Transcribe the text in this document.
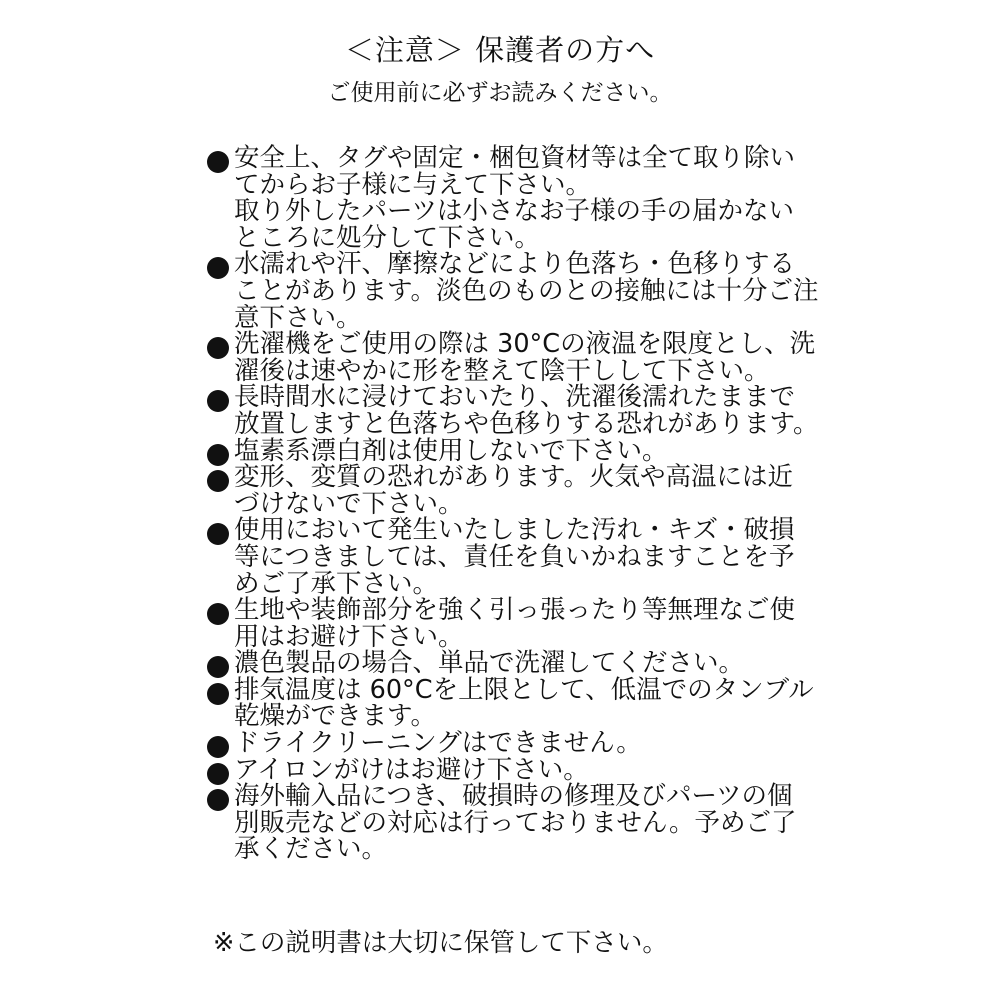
＜注意＞ 保護者の方へ
ご使用前に必ずお読みください。
安全上、タグや固定・梱包資材等は全て取り除い
てからお子様に与えて下さい。
取り外したパーツは小さなお子様の手の届かない
ところに処分して下さい。
水濡れや汗、摩擦などにより色落ち・色移りする
ことがあります。淡色のものとの接触には十分ご注
意下さい。
洗濯機をご使用の際は 30°Cの液温を限度とし、洗
濯後は速やかに形を整えて陰干しして下さい。
長時間水に浸けておいたり、洗濯後濡れたままで
放置しますと色落ちや色移りする恐れがあります。
塩素系漂白剤は使用しないで下さい。
変形、変質の恐れがあります。火気や高温には近
づけないで下さい。
使用において発生いたしました汚れ・キズ・破損
等につきましては、責任を負いかねますことを予
めご了承下さい。
生地や装飾部分を強く引っ張ったり等無理なご使
用はお避け下さい。
濃色製品の場合、単品で洗濯してください。
排気温度は 60°Cを上限として、低温でのタンブル
乾燥ができます。
ドライクリーニングはできません。
アイロンがけはお避け下さい。
海外輸入品につき、破損時の修理及びパーツの個
別販売などの対応は行っておりません。予めご了
承ください。
※この説明書は大切に保管して下さい。
